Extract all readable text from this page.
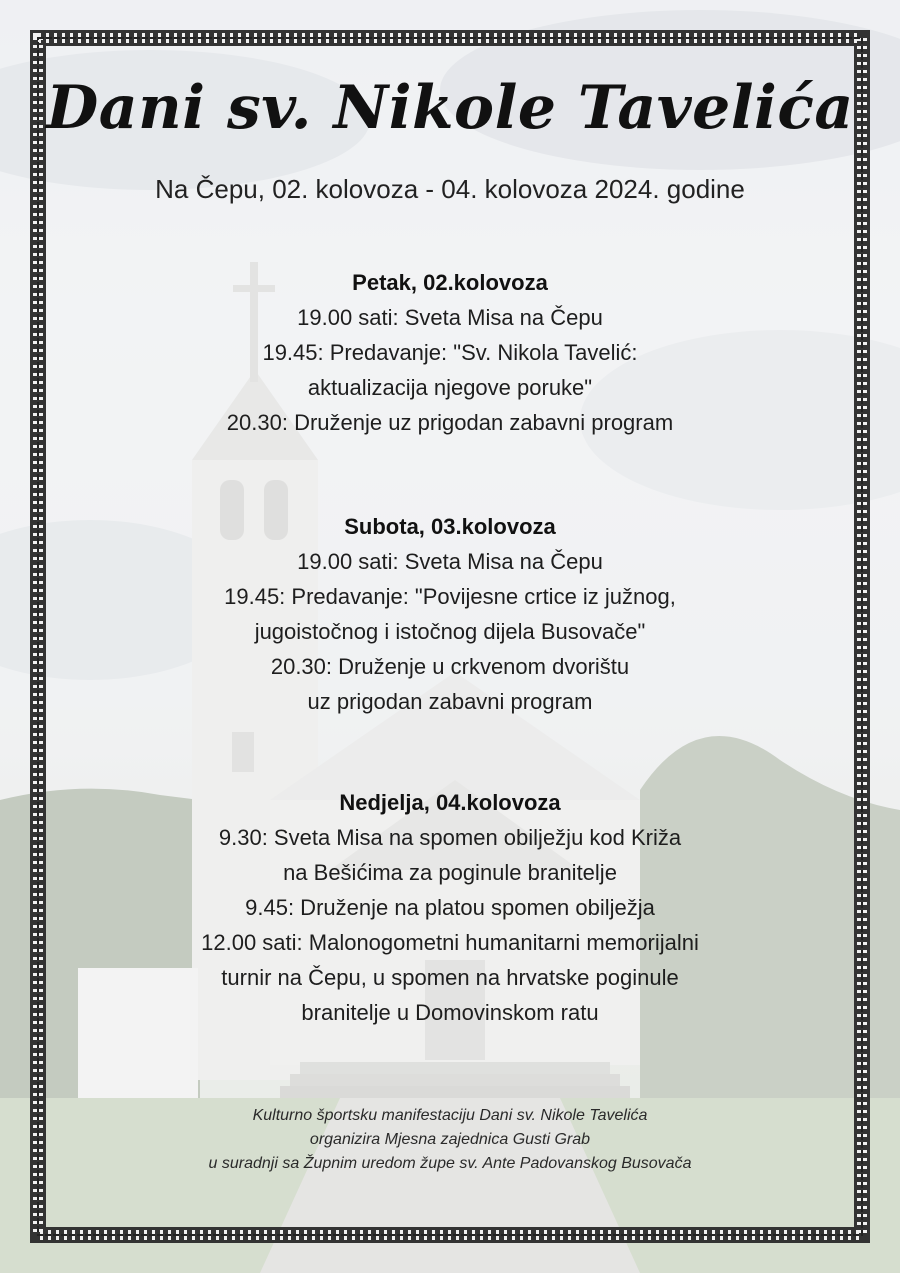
Dani sv. Nikole Tavelića
Na Čepu, 02. kolovoza - 04. kolovoza 2024. godine
Petak, 02.kolovoza
19.00 sati: Sveta Misa na Čepu
19.45: Predavanje: "Sv. Nikola Tavelić:
aktualizacija njegove poruke"
20.30: Druženje uz prigodan zabavni program
Subota, 03.kolovoza
19.00 sati: Sveta Misa na Čepu
19.45: Predavanje: "Povijesne crtice iz južnog,
jugoistočnog i istočnog dijela Busovače"
20.30: Druženje u crkvenom dvorištu
uz prigodan zabavni program
Nedjelja, 04.kolovoza
9.30: Sveta Misa na spomen obilježju kod Križa
na Bešićima za poginule branitelje
9.45: Druženje na platou spomen obilježja
12.00 sati: Malonogometni humanitarni memorijalni
turnir na Čepu, u spomen na hrvatske poginule
branitelje u Domovinskom ratu
Kulturno športsku manifestaciju Dani sv. Nikole Tavelića
organizira Mjesna zajednica Gusti Grab
u suradnji sa Župnim uredom župe sv. Ante Padovanskog Busovača
